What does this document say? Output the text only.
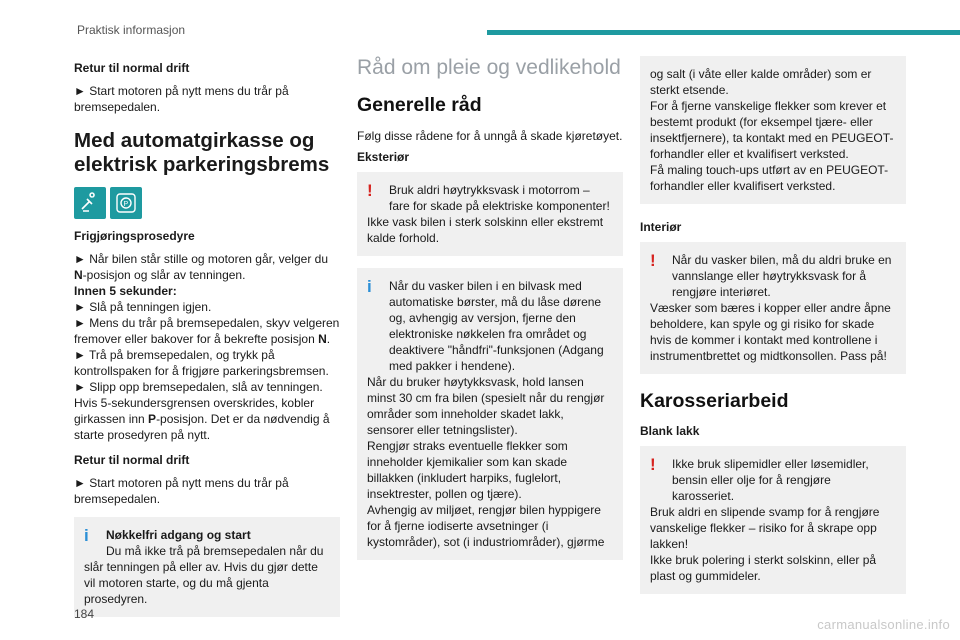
Praktisk informasjon
Retur til normal drift
► Start motoren på nytt mens du trår på bremsepedalen.
Med automatgirkasse og elektrisk parkeringsbrems
P
Frigjøringsprosedyre
► Når bilen står stille og motoren går, velger du N-posisjon og slår av tenningen.
Innen 5 sekunder:
► Slå på tenningen igjen.
► Mens du trår på bremsepedalen, skyv velgeren fremover eller bakover for å bekrefte posisjon N.
► Trå på bremsepedalen, og trykk på kontrollspaken for å frigjøre parkeringsbremsen.
► Slipp opp bremsepedalen, slå av tenningen.
Hvis 5-sekundersgrensen overskrides, kobler girkassen inn P-posisjon. Det er da nødvendig å starte prosedyren på nytt.
Retur til normal drift
► Start motoren på nytt mens du trår på bremsepedalen.
i	Nøkkelfri adgang og start
Du må ikke trå på bremsepedalen når du slår tenningen på eller av. Hvis du gjør dette vil motoren starte, og du må gjenta prosedyren.
Råd om pleie og vedlikehold
Generelle råd
Følg disse rådene for å unngå å skade kjøretøyet.
Eksteriør
!	Bruk aldri høytrykksvask i motorrom – fare for skade på elektriske komponenter!
Ikke vask bilen i sterk solskinn eller ekstremt kalde forhold.
i	Når du vasker bilen i en bilvask med automatiske børster, må du låse dørene og, avhengig av versjon, fjerne den elektroniske nøkkelen fra området og deaktivere "håndfri"-funksjonen (Adgang med pakker i hendene).
Når du bruker høytykksvask, hold lansen minst 30 cm fra bilen (spesielt når du rengjør områder som inneholder skadet lakk, sensorer eller tetningslister).
Rengjør straks eventuelle flekker som inneholder kjemikalier som kan skade billakken (inkludert harpiks, fuglelort, insektrester, pollen og tjære).
Avhengig av miljøet, rengjør bilen hyppigere for å fjerne iodiserte avsetninger (i kystområder), sot (i industriområder), gjørme
og salt (i våte eller kalde områder) som er sterkt etsende.
For å fjerne vanskelige flekker som krever et bestemt produkt (for eksempel tjære- eller insektfjernere), ta kontakt med en PEUGEOT-forhandler eller et kvalifisert verksted.
Få maling touch-ups utført av en PEUGEOT-forhandler eller kvalifisert verksted.
Interiør
!	Når du vasker bilen, må du aldri bruke en vannslange eller høytrykksvask for å rengjøre interiøret.
Væsker som bæres i kopper eller andre åpne beholdere, kan spyle og gi risiko for skade hvis de kommer i kontakt med kontrollene i instrumentbrettet og midtkonsollen. Pass på!
Karosseriarbeid
Blank lakk
!	Ikke bruk slipemidler eller løsemidler, bensin eller olje for å rengjøre karosseriet.
Bruk aldri en slipende svamp for å rengjøre vanskelige flekker – risiko for å skrape opp lakken!
Ikke bruk polering i sterkt solskinn, eller på plast og gummideler.
184
carmanualsonline.info
